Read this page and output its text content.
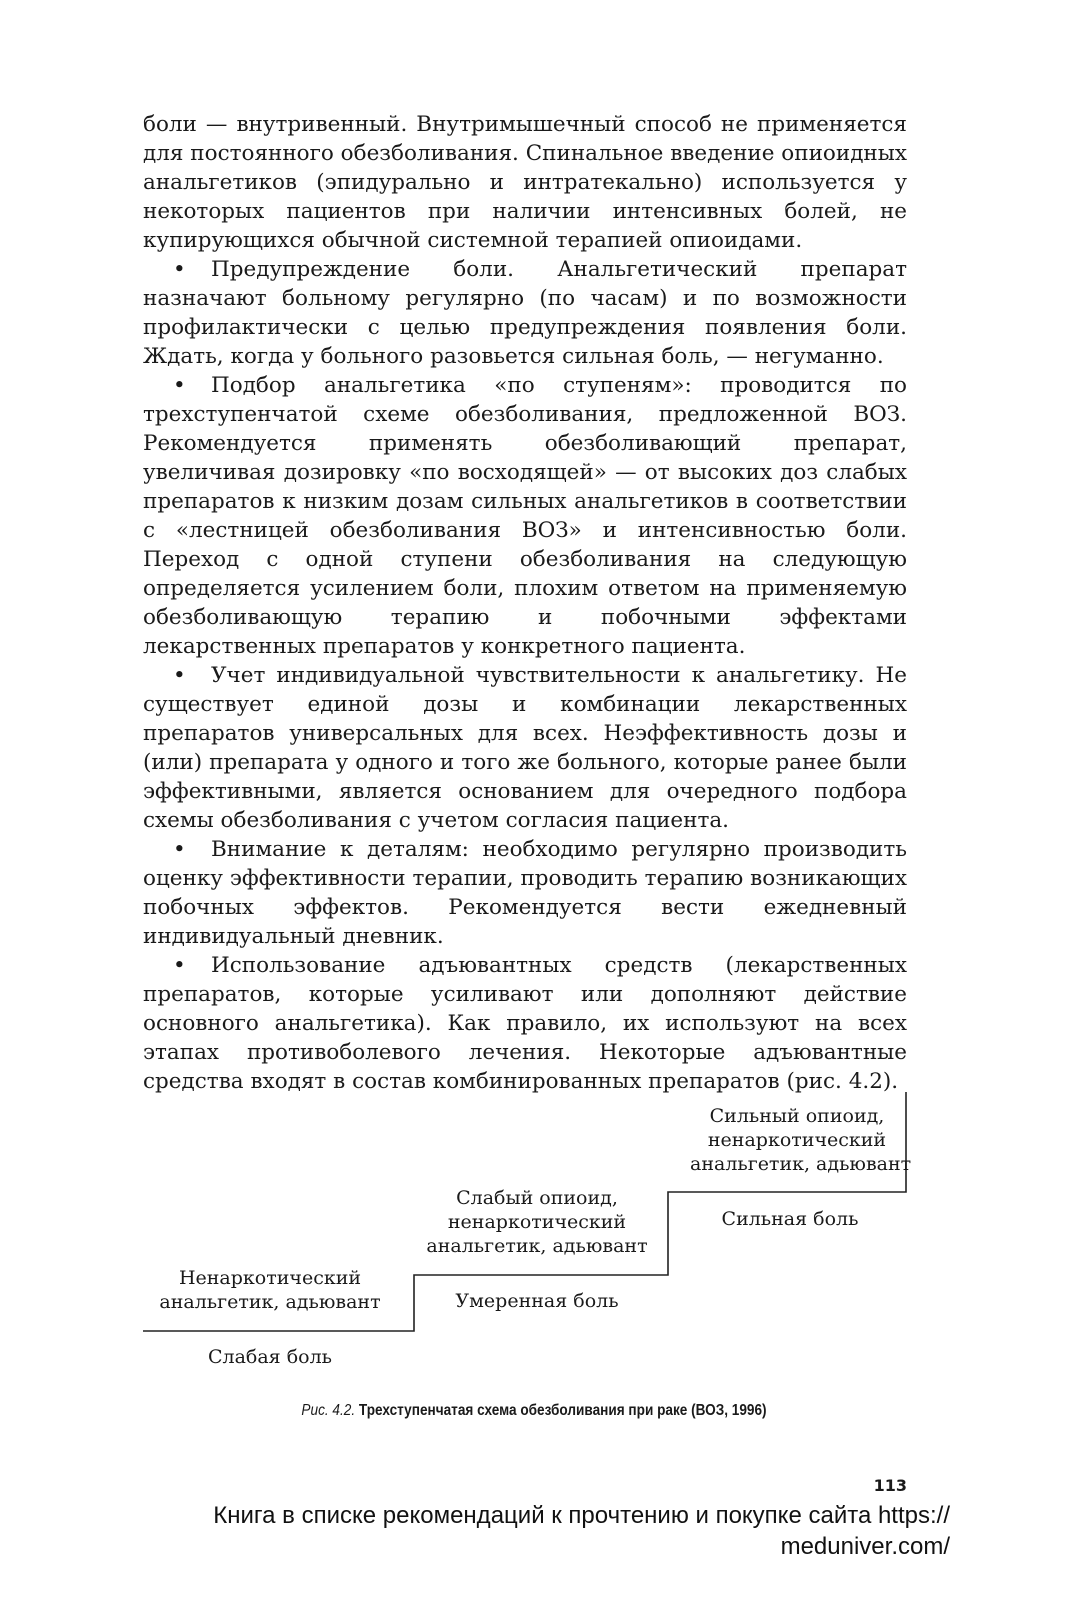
боли — внутривенный. Внутримышечный способ не применяется для постоянного обезболивания. Спинальное введение опиоидных анальгетиков (эпидурально и интратекально) используется у некоторых пациентов при наличии интенсивных болей, не купирующихся обычной системной терапией опиоидами.

• Предупреждение боли. Анальгетический препарат назначают больному регулярно (по часам) и по возможности профилактически с целью предупреждения появления боли. Ждать, когда у больного разовьется сильная боль, — негуманно.

• Подбор анальгетика «по ступеням»: проводится по трехступенчатой схеме обезболивания, предложенной ВОЗ. Рекомендуется применять обезболивающий препарат, увеличивая дозировку «по восходящей» — от высоких доз слабых препаратов к низким дозам сильных анальгетиков в соответствии с «лестницей обезболивания ВОЗ» и интенсивностью боли. Переход с одной ступени обезболивания на следующую определяется усилением боли, плохим ответом на применяемую обезболивающую терапию и побочными эффектами лекарственных препаратов у конкретного пациента.

• Учет индивидуальной чувствительности к анальгетику. Не существует единой дозы и комбинации лекарственных препаратов универсальных для всех. Неэффективность дозы и (или) препарата у одного и того же больного, которые ранее были эффективными, является основанием для очередного подбора схемы обезболивания с учетом согласия пациента.

• Внимание к деталям: необходимо регулярно производить оценку эффективности терапии, проводить терапию возникающих побочных эффектов. Рекомендуется вести ежедневный индивидуальный дневник.

• Использование адъювантных средств (лекарственных препаратов, которые усиливают или дополняют действие основного анальгетика). Как правило, их используют на всех этапах противоболевого лечения. Некоторые адъювантные средства входят в состав комбинированных препаратов (рис. 4.2).

Ненаркотический
анальгетик, адьювант
Слабая боль
Слабый опиоид,
ненаркотический
анальгетик, адьювант
Умеренная боль
Сильный опиоид,
ненаркотический
анальгетик, адьювант
Сильная боль
Рис. 4.2. Трехступенчатая схема обезболивания при раке (ВОЗ, 1996)
113
Книга в списке рекомендаций к прочтению и покупке сайта https://
meduniver.com/
